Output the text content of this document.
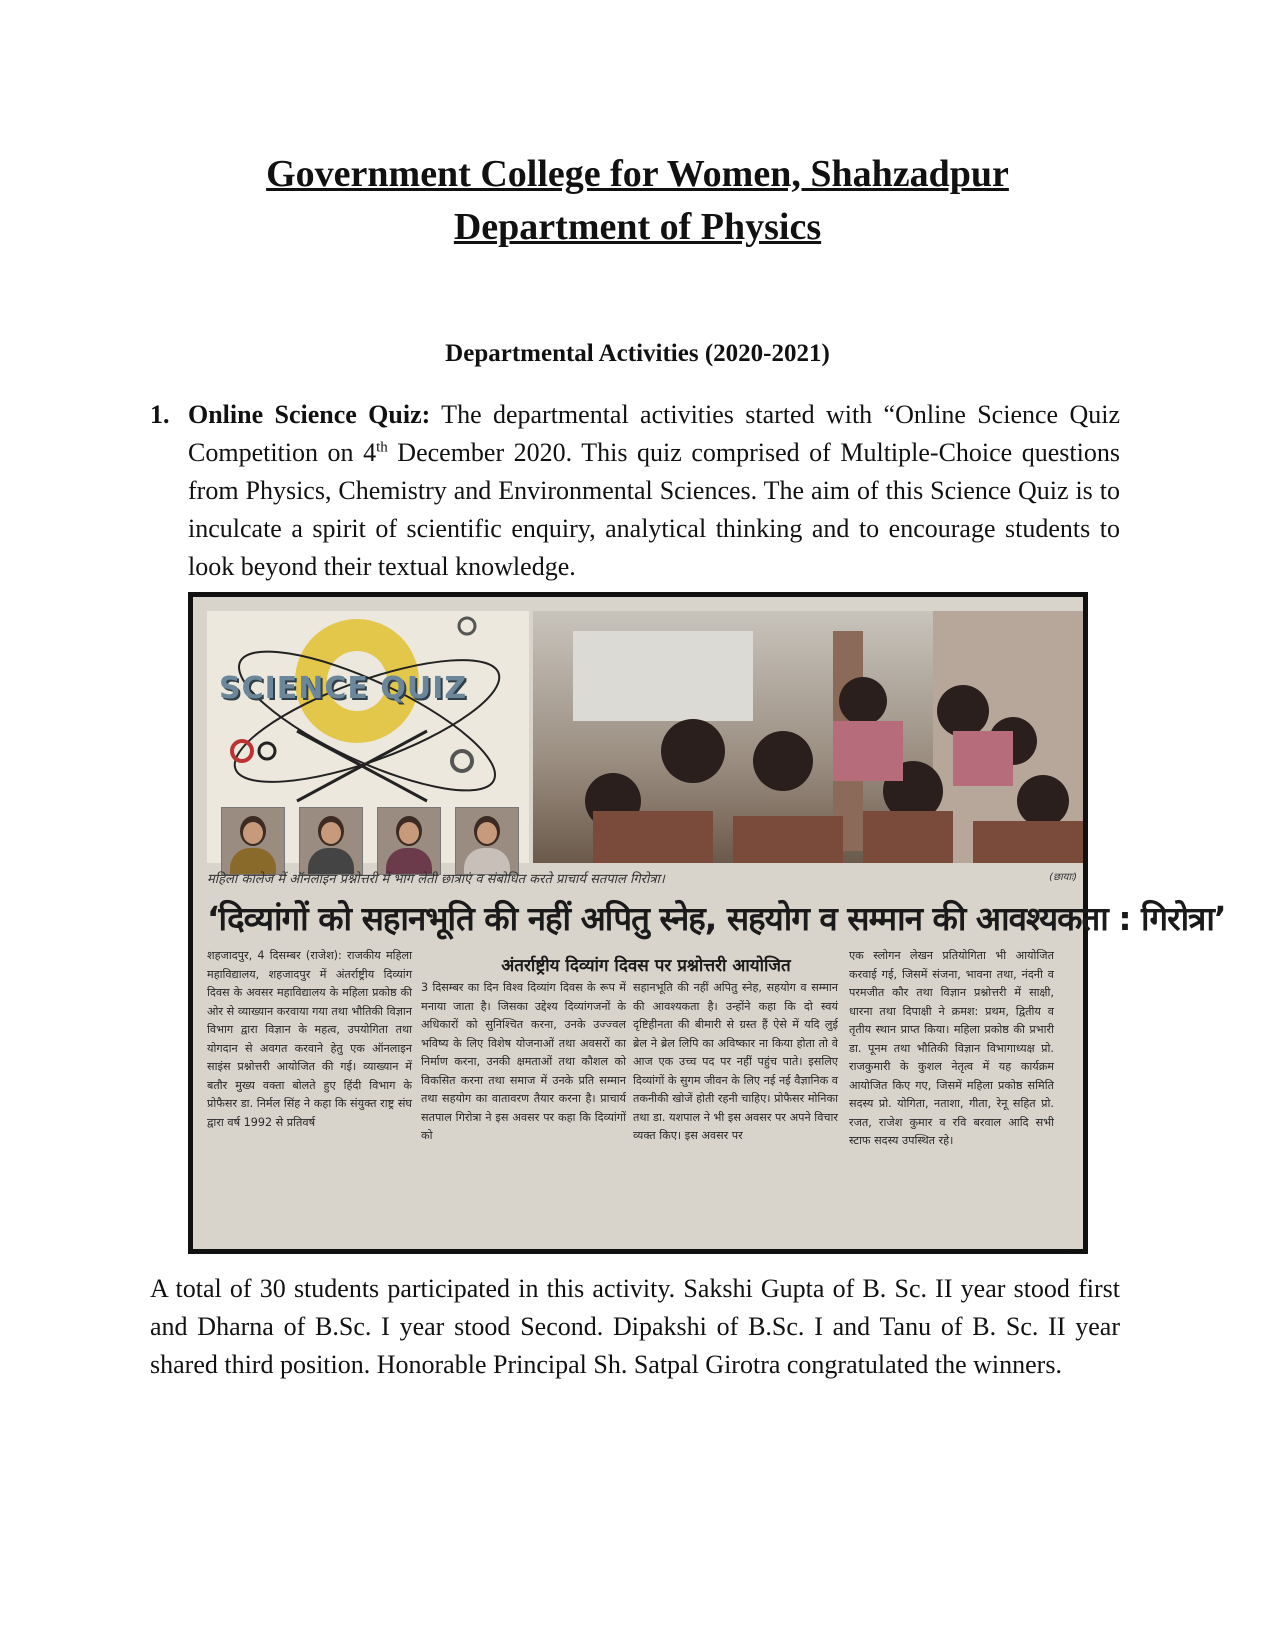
Government College for Women, Shahzadpur
Department of Physics
Departmental Activities (2020-2021)
1. Online Science Quiz: The departmental activities started with “Online Science Quiz Competition on 4th December 2020. This quiz comprised of Multiple-Choice questions from Physics, Chemistry and Environmental Sciences. The aim of this Science Quiz is to inculcate a spirit of scientific enquiry, analytical thinking and to encourage students to look beyond their textual knowledge.
SCIENCE QUIZ
महिला कालेज में ऑनलाइन प्रश्नोत्तरी में भाग लेती छात्राएं व संबोधित करते प्राचार्य सतपाल गिरोत्रा।	(छायाः)
‘दिव्यांगों को सहानभूति की नहीं अपितु स्नेह, सहयोग व सम्मान की आवश्यकता : गिरोत्रा’
अंतर्राष्ट्रीय दिव्यांग दिवस पर प्रश्नोत्तरी आयोजित
शहजादपुर, 4 दिसम्बर (राजेश): राजकीय महिला महाविद्यालय, शहजादपुर में अंतर्राष्ट्रीय दिव्यांग दिवस के अवसर महाविद्यालय के महिला प्रकोष्ठ की ओर से व्याख्यान करवाया गया तथा भौतिकी विज्ञान विभाग द्वारा विज्ञान के महत्व, उपयोगिता तथा योगदान से अवगत करवाने हेतु एक ऑनलाइन साइंस प्रश्नोत्तरी आयोजित की गई। व्याख्यान में बतौर मुख्य वक्ता बोलते हुए हिंदी विभाग के प्रोफैसर डा. निर्मल सिंह ने कहा कि संयुक्त राष्ट्र संघ द्वारा वर्ष 1992 से प्रतिवर्ष
3 दिसम्बर का दिन विश्व दिव्यांग दिवस के रूप में मनाया जाता है। जिसका उद्देश्य दिव्यांगजनों के अधिकारों को सुनिश्चित करना, उनके उज्ज्वल भविष्य के लिए विशेष योजनाओं तथा अवसरों का निर्माण करना, उनकी क्षमताओं तथा कौशल को विकसित करना तथा समाज में उनके प्रति सम्मान तथा सहयोग का वातावरण तैयार करना है। प्राचार्य सतपाल गिरोत्रा ने इस अवसर पर कहा कि दिव्यांगों को
सहानभूति की नहीं अपितु स्नेह, सहयोग व सम्मान की आवश्यकता है। उन्होंने कहा कि दो स्वयं दृष्टिहीनता की बीमारी से ग्रस्त हैं ऐसे में यदि लुई ब्रेल ने ब्रेल लिपि का अविष्कार ना किया होता तो वे आज एक उच्च पद पर नहीं पहुंच पाते। इसलिए दिव्यांगों के सुगम जीवन के लिए नई नई वैज्ञानिक व तकनीकी खोजें होती रहनी चाहिए। प्रोफैसर मोनिका तथा डा. यशपाल ने भी इस अवसर पर अपने विचार व्यक्त किए। इस अवसर पर
एक स्लोगन लेखन प्रतियोगिता भी आयोजित करवाई गई, जिसमें संजना, भावना तथा, नंदनी व परमजीत कौर तथा विज्ञान प्रश्नोत्तरी में साक्षी, धारना तथा दिपाक्षी ने क्रमश: प्रथम, द्वितीय व तृतीय स्थान प्राप्त किया। महिला प्रकोष्ठ की प्रभारी डा. पूनम तथा भौतिकी विज्ञान विभागाध्यक्ष प्रो. राजकुमारी के कुशल नेतृत्व में यह कार्यक्रम आयोजित किए गए, जिसमें महिला प्रकोष्ठ समिति सदस्य प्रो. योगिता, नताशा, गीता, रेनू सहित प्रो. रजत, राजेश कुमार व रवि बरवाल आदि सभी स्टाफ सदस्य उपस्थित रहे।
A total of 30 students participated in this activity. Sakshi Gupta of B. Sc. II year stood first and Dharna of B.Sc. I year stood Second. Dipakshi of B.Sc. I and Tanu of B. Sc. II year shared third position. Honorable Principal Sh. Satpal Girotra congratulated the winners.
